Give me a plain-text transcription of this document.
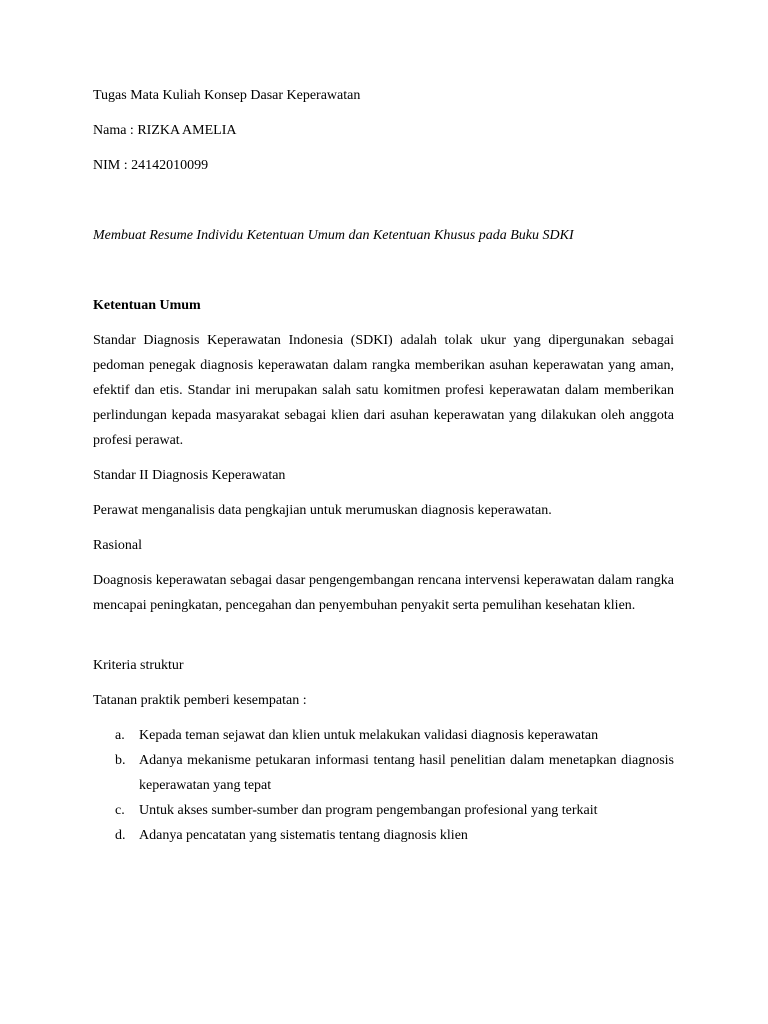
Tugas Mata Kuliah Konsep Dasar Keperawatan
Nama : RIZKA AMELIA
NIM : 24142010099
Membuat Resume Individu Ketentuan Umum dan Ketentuan Khusus pada Buku SDKI
Ketentuan Umum
Standar Diagnosis Keperawatan Indonesia (SDKI) adalah tolak ukur yang dipergunakan sebagai pedoman penegak diagnosis keperawatan dalam rangka memberikan asuhan keperawatan yang aman, efektif dan etis. Standar ini merupakan salah satu komitmen profesi keperawatan dalam memberikan perlindungan kepada masyarakat sebagai klien dari asuhan keperawatan yang dilakukan oleh anggota profesi perawat.
Standar II Diagnosis Keperawatan
Perawat menganalisis data pengkajian untuk merumuskan diagnosis keperawatan.
Rasional
Doagnosis keperawatan sebagai dasar pengengembangan rencana intervensi keperawatan dalam rangka mencapai peningkatan, pencegahan dan penyembuhan penyakit serta pemulihan kesehatan klien.
Kriteria struktur
Tatanan praktik pemberi kesempatan :
a. Kepada teman sejawat dan klien untuk melakukan validasi diagnosis keperawatan
b. Adanya mekanisme petukaran informasi tentang hasil penelitian dalam menetapkan diagnosis keperawatan yang tepat
c. Untuk akses sumber-sumber dan program pengembangan profesional yang terkait
d. Adanya pencatatan yang sistematis tentang diagnosis klien
